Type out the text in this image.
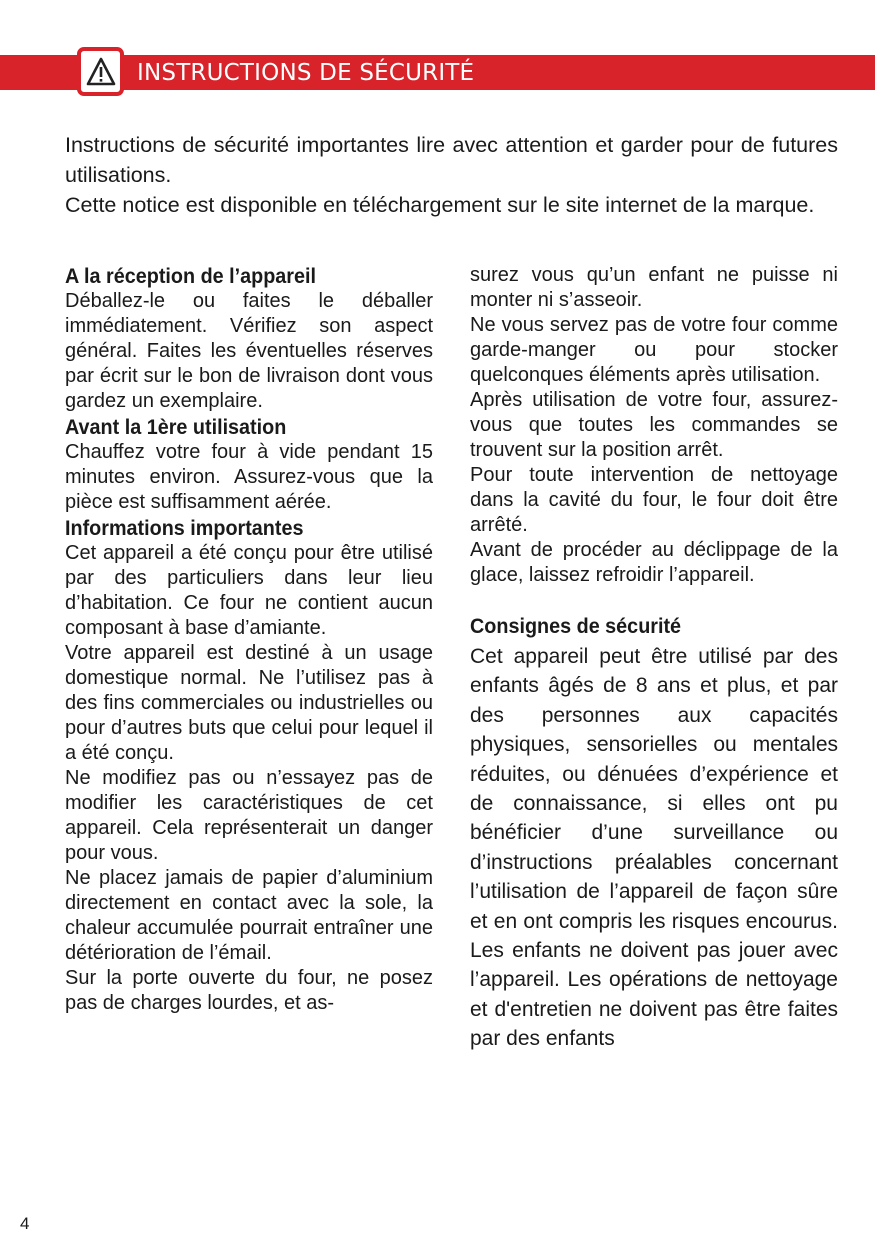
INSTRUCTIONS DE SÉCURITÉ

Instructions de sécurité importantes lire avec attention et garder pour de futures utilisations.

Cette notice est disponible en téléchargement sur le site internet de la marque.

A la réception de l’appareil

Déballez-le ou faites le déballer immédiatement. Vérifiez son aspect général. Faites les éventuelles réserves par écrit sur le bon de livraison dont vous gardez un exemplaire.

Avant la 1ère utilisation

Chauffez votre four à vide pendant 15 minutes environ. Assurez-vous que la pièce est suffisamment aérée.

Informations importantes

Cet appareil a été conçu pour être utilisé par des particuliers dans leur lieu d’habitation. Ce four ne contient aucun composant à base d’amiante.

Votre appareil est destiné à un usage domestique normal. Ne l’utilisez pas à des fins commerciales ou industrielles ou pour d’autres buts que celui pour lequel il a été conçu.

Ne modifiez pas ou n’essayez pas de modifier les caractéristiques de cet appareil. Cela représenterait un danger pour vous.

Ne placez jamais de papier d’aluminium directement en contact avec la sole, la chaleur accumulée pourrait entraîner une détérioration de l’émail.

Sur la porte ouverte du four, ne posez pas de charges lourdes, et as-

surez vous qu’un enfant ne puisse ni monter ni s’asseoir.

Ne vous servez pas de votre four comme garde-manger ou pour stocker quelconques éléments après utilisation.

Après utilisation de votre four, assurez-vous que toutes les commandes se trouvent sur la position arrêt.

Pour toute intervention de nettoyage dans la cavité du four, le four doit être arrêté.

Avant de procéder au déclippage de la glace, laissez refroidir l’appareil.

Consignes de sécurité

Cet appareil peut être utilisé par des enfants âgés de 8 ans et plus, et par des personnes aux capacités physiques, sensorielles ou mentales réduites, ou dénuées d’expérience et de connaissance, si elles ont pu bénéficier d’une surveillance ou d’instructions préalables concernant l’utilisation de l’appareil de façon sûre et en ont compris les risques encourus. Les enfants ne doivent pas jouer avec l’appareil. Les opérations de nettoyage et d'entretien ne doivent pas être faites par des enfants

4
